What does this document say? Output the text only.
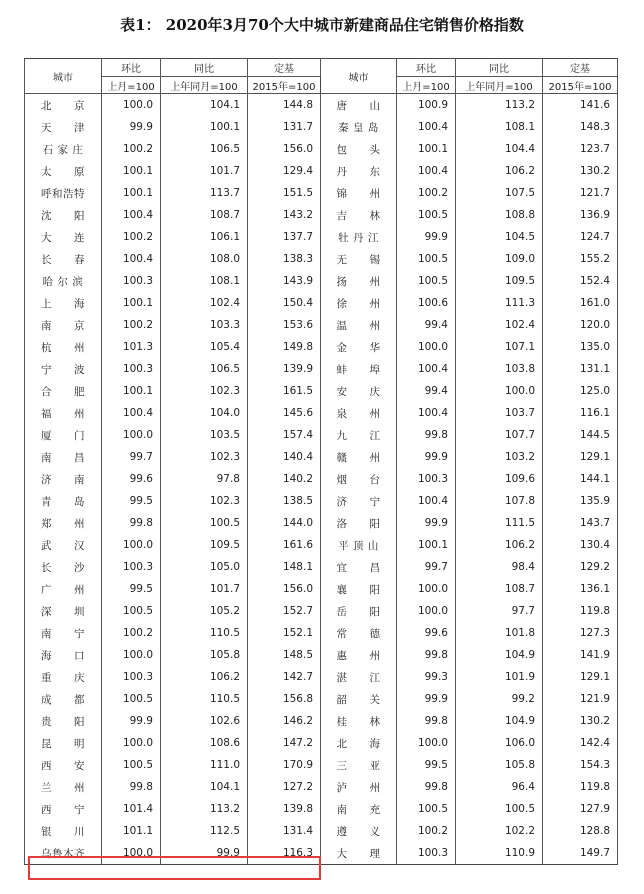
表1： 2020年3月70个大中城市新建商品住宅销售价格指数
城市	环比	同比	定基	城市	环比	同比	定基
	上月=100	上年同月=100	2015年=100		上月=100	上年同月=100	2015年=100
北　　京	100.0	104.1	144.8	唐　　山	100.9	113.2	141.6
天　　津	99.9	100.1	131.7	秦 皇 岛	100.4	108.1	148.3
石 家 庄	100.2	106.5	156.0	包　　头	100.1	104.4	123.7
太　　原	100.1	101.7	129.4	丹　　东	100.4	106.2	130.2
呼和浩特	100.1	113.7	151.5	锦　　州	100.2	107.5	121.7
沈　　阳	100.4	108.7	143.2	吉　　林	100.5	108.8	136.9
大　　连	100.2	106.1	137.7	牡 丹 江	99.9	104.5	124.7
长　　春	100.4	108.0	138.3	无　　锡	100.5	109.0	155.2
哈 尔 滨	100.3	108.1	143.9	扬　　州	100.5	109.5	152.4
上　　海	100.1	102.4	150.4	徐　　州	100.6	111.3	161.0
南　　京	100.2	103.3	153.6	温　　州	99.4	102.4	120.0
杭　　州	101.3	105.4	149.8	金　　华	100.0	107.1	135.0
宁　　波	100.3	106.5	139.9	蚌　　埠	100.4	103.8	131.1
合　　肥	100.1	102.3	161.5	安　　庆	99.4	100.0	125.0
福　　州	100.4	104.0	145.6	泉　　州	100.4	103.7	116.1
厦　　门	100.0	103.5	157.4	九　　江	99.8	107.7	144.5
南　　昌	99.7	102.3	140.4	赣　　州	99.9	103.2	129.1
济　　南	99.6	97.8	140.2	烟　　台	100.3	109.6	144.1
青　　岛	99.5	102.3	138.5	济　　宁	100.4	107.8	135.9
郑　　州	99.8	100.5	144.0	洛　　阳	99.9	111.5	143.7
武　　汉	100.0	109.5	161.6	平 顶 山	100.1	106.2	130.4
长　　沙	100.3	105.0	148.1	宜　　昌	99.7	98.4	129.2
广　　州	99.5	101.7	156.0	襄　　阳	100.0	108.7	136.1
深　　圳	100.5	105.2	152.7	岳　　阳	100.0	97.7	119.8
南　　宁	100.2	110.5	152.1	常　　德	99.6	101.8	127.3
海　　口	100.0	105.8	148.5	惠　　州	99.8	104.9	141.9
重　　庆	100.3	106.2	142.7	湛　　江	99.3	101.9	129.1
成　　都	100.5	110.5	156.8	韶　　关	99.9	99.2	121.9
贵　　阳	99.9	102.6	146.2	桂　　林	99.8	104.9	130.2
昆　　明	100.0	108.6	147.2	北　　海	100.0	106.0	142.4
西　　安	100.5	111.0	170.9	三　　亚	99.5	105.8	154.3
兰　　州	99.8	104.1	127.2	泸　　州	99.8	96.4	119.8
西　　宁	101.4	113.2	139.8	南　　充	100.5	100.5	127.9
银　　川	101.1	112.5	131.4	遵　　义	100.2	102.2	128.8
乌鲁木齐	100.0	99.9	116.3	大　　理	100.3	110.9	149.7
